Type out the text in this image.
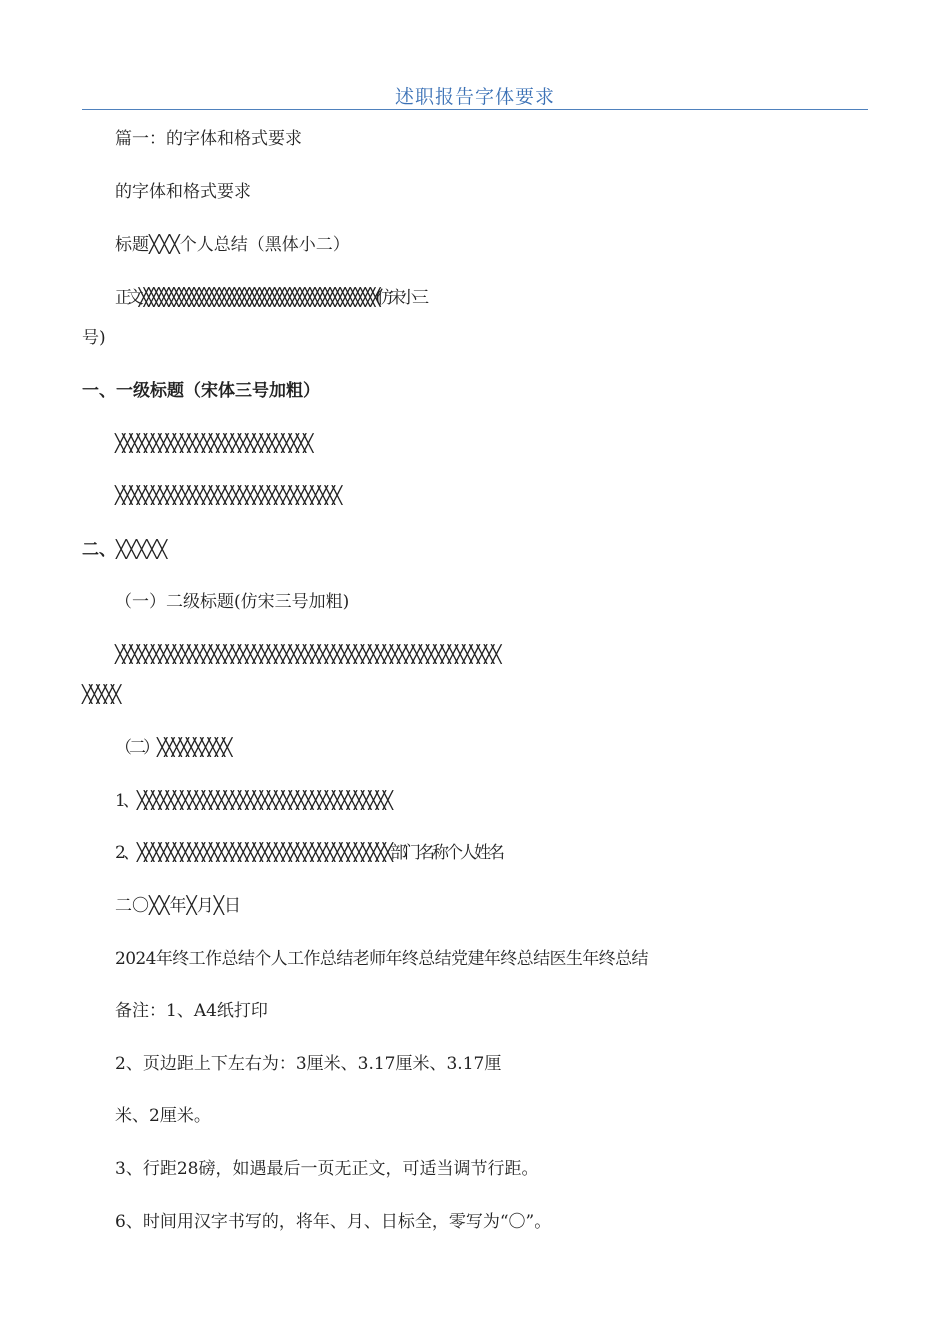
述职报告字体要求
篇一：的字体和格式要求
的字体和格式要求
标题╳╳╳个人总结（黑体小二）
正文╳╳╳╳╳╳╳╳╳╳╳╳╳╳╳╳╳╳╳╳╳╳╳╳╳╳╳╳╳╳╳╳╳╳╳╳╳╳╳╳╳╳╳╳╳╳╳(仿宋小三
号)
一、一级标题（宋体三号加粗）
╳╳╳╳╳╳╳╳╳╳╳╳╳╳╳╳╳╳╳╳╳╳╳╳╳╳╳
╳╳╳╳╳╳╳╳╳╳╳╳╳╳╳╳╳╳╳╳╳╳╳╳╳╳╳╳╳╳╳
二、╳╳╳╳╳
（一）二级标题(仿宋三号加粗)
╳╳╳╳╳╳╳╳╳╳╳╳╳╳╳╳╳╳╳╳╳╳╳╳╳╳╳╳╳╳╳╳╳╳╳╳╳╳╳╳╳╳╳╳╳╳╳╳╳╳╳╳╳
╳╳╳╳╳
（二）╳╳╳╳╳╳╳╳╳╳
1、╳╳╳╳╳╳╳╳╳╳╳╳╳╳╳╳╳╳╳╳╳╳╳╳╳╳╳╳╳╳╳╳╳╳╳
2、╳╳╳╳╳╳╳╳╳╳╳╳╳╳╳╳╳╳╳╳╳╳╳╳╳╳╳╳╳╳╳╳╳╳╳部门名称个人姓名
二〇╳╳年╳月╳日
2024年终工作总结个人工作总结老师年终总结党建年终总结医生年终总结
备注：1、A4纸打印
2、页边距上下左右为：3厘米、3.17厘米、3.17厘
米、2厘米。
3、行距28磅，如遇最后一页无正文，可适当调节行距。
6、时间用汉字书写的，将年、月、日标全，零写为“〇”。
